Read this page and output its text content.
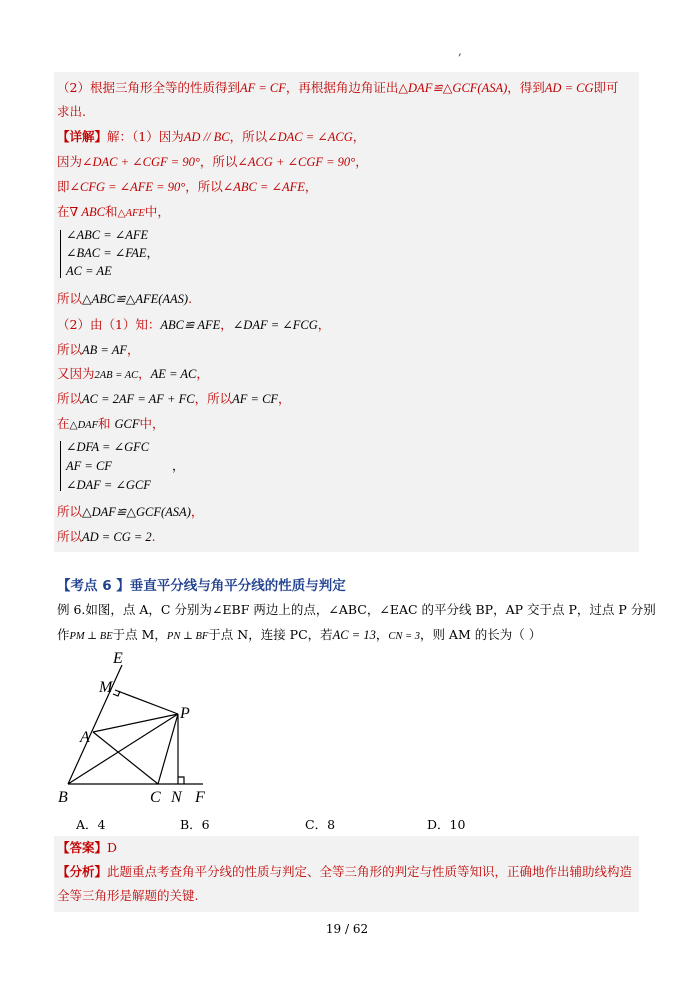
,
（2）根据三角形全等的性质得到AF = CF，再根据角边角证出△DAF≌△GCF(ASA)，得到AD = CG即可
求出.
【详解】解：（1）因为AD // BC，所以∠DAC = ∠ACG，
因为∠DAC + ∠CGF = 90°，所以∠ACG + ∠CGF = 90°，
即∠CFG = ∠AFE = 90°，所以∠ABC = ∠AFE，
在∇ ABC和△AFE中，
∠ABC = ∠AFE
∠BAC = ∠FAE，
AC = AE
所以△ABC≌△AFE(AAS).
（2）由（1）知：ABC≌ AFE，∠DAF = ∠FCG，
所以AB = AF，
又因为2AB = AC，AE = AC，
所以AC = 2AF = AF + FC，所以AF = CF，
在△DAF和 GCF中，
∠DFA = ∠GFC
AF = CF	，
∠DAF = ∠GCF
所以△DAF≌△GCF(ASA)，
所以AD = CG = 2.
【考点 6 】垂直平分线与角平分线的性质与判定
例 6.如图，点 A，C 分别为∠EBF 两边上的点，∠ABC，∠EAC 的平分线 BP，AP 交于点 P，过点 P 分别
作PM ⊥ BE于点 M，PN ⊥ BF于点 N，连接 PC，若AC = 13，CN = 3，则 AM 的长为（ ）
E
M
P
A
B	C N F
A．4	B．6	C．8	D．10
【答案】D
【分析】此题重点考查角平分线的性质与判定、全等三角形的判定与性质等知识，正确地作出辅助线构造
全等三角形是解题的关键.
19 / 62
